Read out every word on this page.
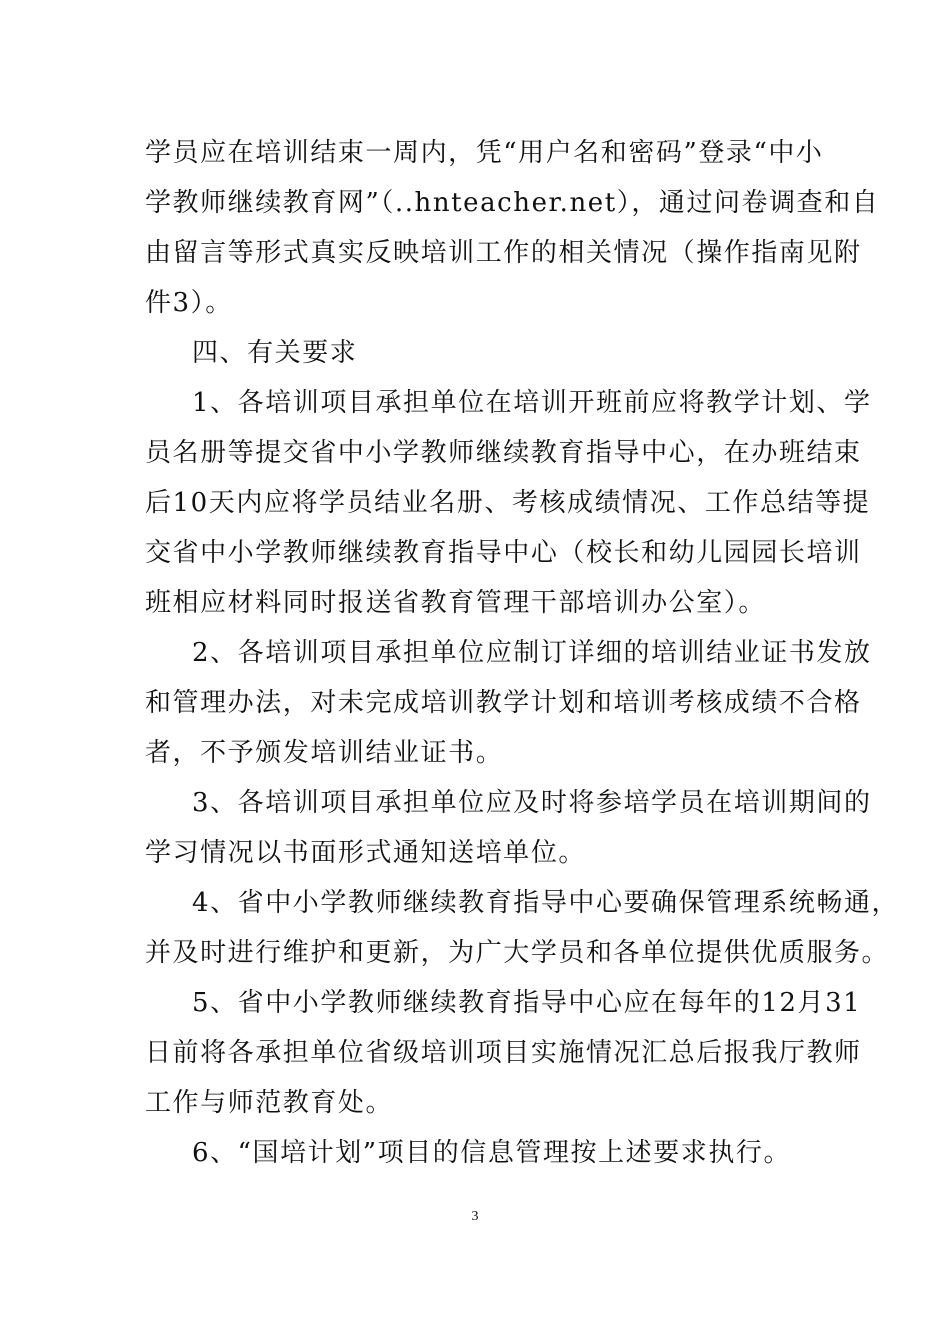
学员应在培训结束一周内，凭“用户名和密码”登录“中小
学教师继续教育网”（..hnteacher.net），通过问卷调查和自
由留言等形式真实反映培训工作的相关情况（操作指南见附
件3）。
四、有关要求
1、各培训项目承担单位在培训开班前应将教学计划、学
员名册等提交省中小学教师继续教育指导中心，在办班结束
后10天内应将学员结业名册、考核成绩情况、工作总结等提
交省中小学教师继续教育指导中心（校长和幼儿园园长培训
班相应材料同时报送省教育管理干部培训办公室）。
2、各培训项目承担单位应制订详细的培训结业证书发放
和管理办法，对未完成培训教学计划和培训考核成绩不合格
者，不予颁发培训结业证书。
3、各培训项目承担单位应及时将参培学员在培训期间的
学习情况以书面形式通知送培单位。
4、省中小学教师继续教育指导中心要确保管理系统畅通，
并及时进行维护和更新，为广大学员和各单位提供优质服务。
5、省中小学教师继续教育指导中心应在每年的12月31
日前将各承担单位省级培训项目实施情况汇总后报我厅教师
工作与师范教育处。
6、“国培计划”项目的信息管理按上述要求执行。
3
